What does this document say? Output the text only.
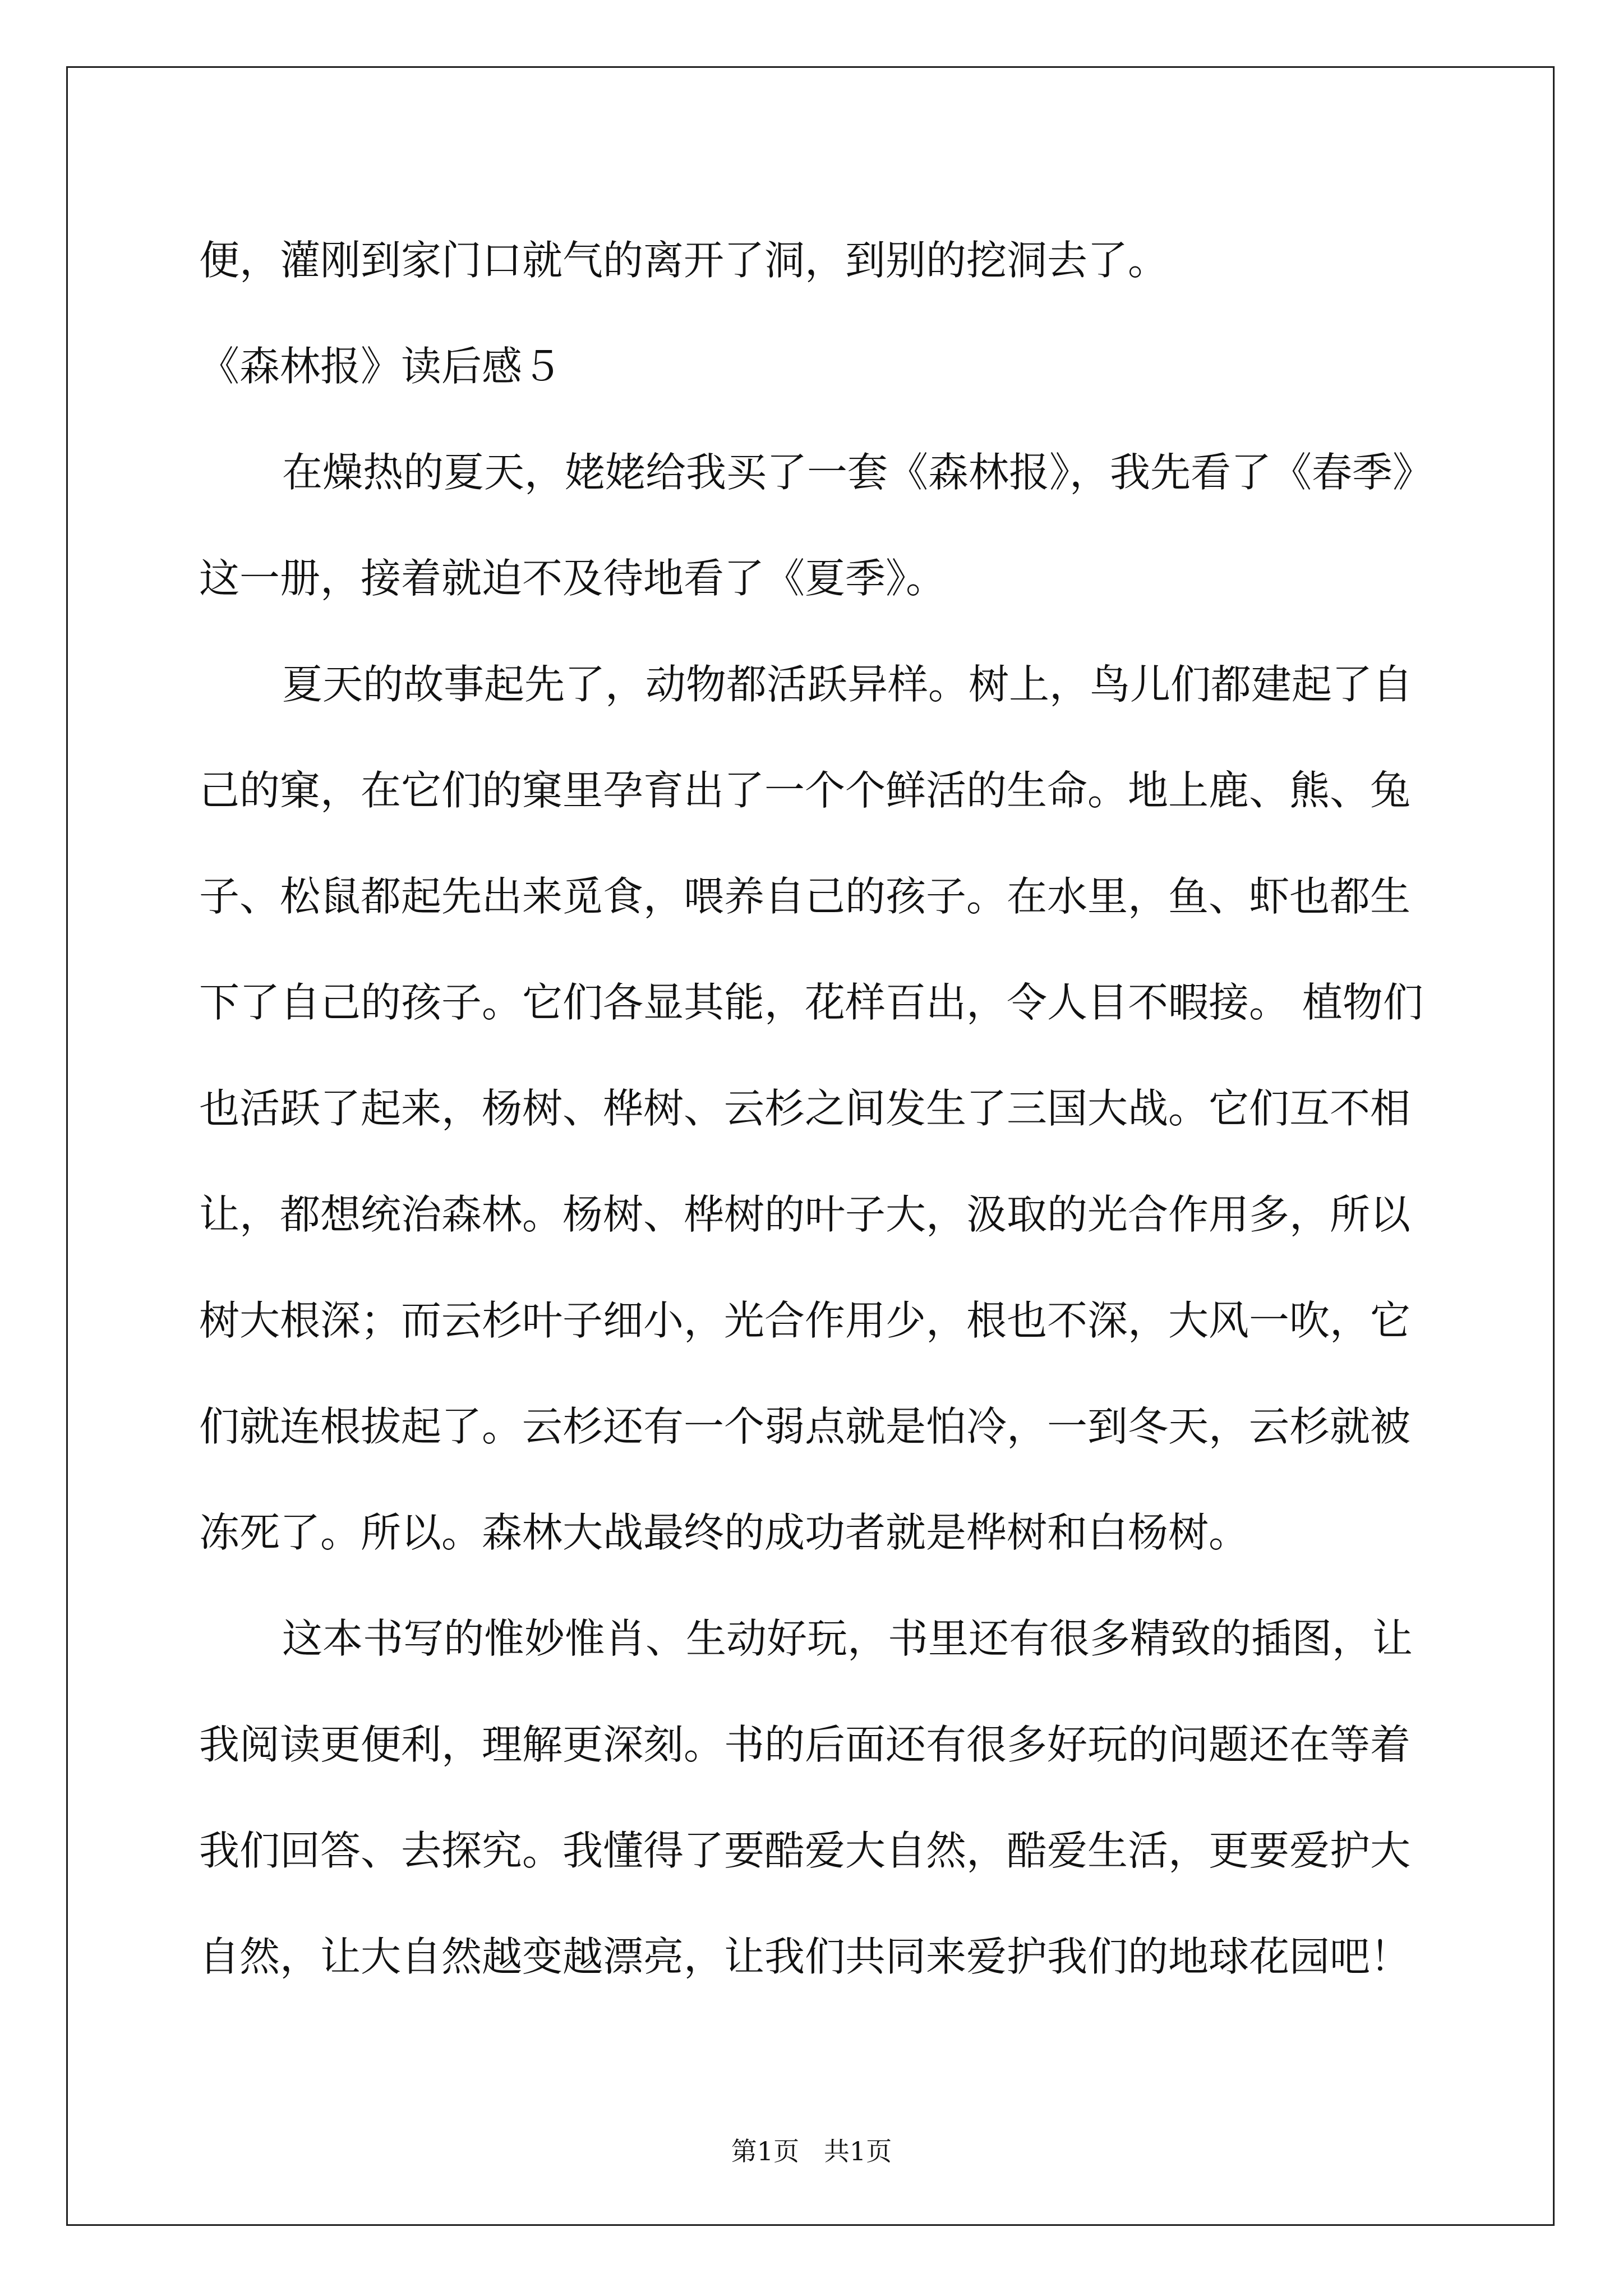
便，灌刚到家门口就气的离开了洞，到别的挖洞去了。
《森林报》读后感５
在燥热的夏天，姥姥给我买了一套《森林报》，我先看了《春季》
这一册，接着就迫不及待地看了《夏季》。
夏天的故事起先了，动物都活跃异样。树上，鸟儿们都建起了自
己的窠，在它们的窠里孕育出了一个个鲜活的生命。地上鹿、熊、兔
子、松鼠都起先出来觅食，喂养自己的孩子。在水里，鱼、虾也都生
下了自己的孩子。它们各显其能，花样百出，令人目不暇接。 植物们
也活跃了起来，杨树、桦树、云杉之间发生了三国大战。它们互不相
让，都想统治森林。杨树、桦树的叶子大，汲取的光合作用多，所以
树大根深；而云杉叶子细小，光合作用少，根也不深，大风一吹，它
们就连根拔起了。云杉还有一个弱点就是怕冷，一到冬天，云杉就被
冻死了。所以。森林大战最终的成功者就是桦树和白杨树。
这本书写的惟妙惟肖、生动好玩，书里还有很多精致的插图，让
我阅读更便利，理解更深刻。书的后面还有很多好玩的问题还在等着
我们回答、去探究。我懂得了要酷爱大自然，酷爱生活，更要爱护大
自然，让大自然越变越漂亮，让我们共同来爱护我们的地球花园吧！
第1页   共1页
